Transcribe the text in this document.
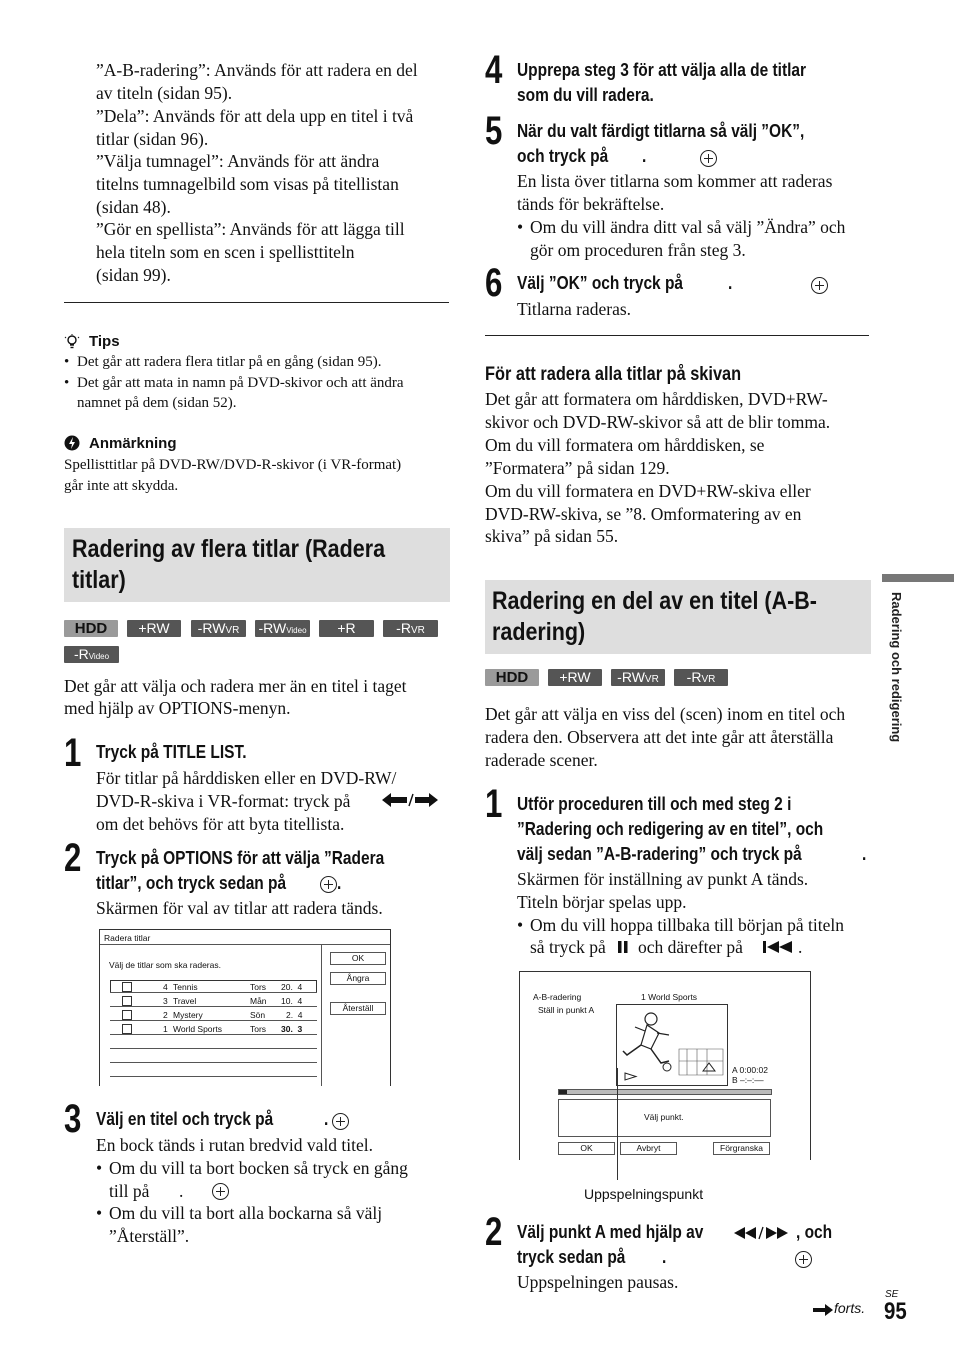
”A-B-radering”: Används för att radera en del
av titeln (sidan 95).
”Dela”: Används för att dela upp en titel i två
titlar (sidan 96).
”Välja tumnagel”: Används för att ändra
titelns tumnagelbild som visas på titellistan
(sidan 48).
”Gör en spellista”: Används för att lägga till
hela titeln som en scen i spellisttiteln
(sidan 99).
Tips
• Det går att radera flera titlar på en gång (sidan 95).
• Det går att mata in namn på DVD-skivor och att ändra
namnet på dem (sidan 52).
Anmärkning
Spellisttitlar på DVD-RW/DVD-R-skivor (i VR-format)
går inte att skydda.
Radering av flera titlar (Radera
titlar)
HDD	+RW	-RWVR	-RWVideo	+R	-RVR
-RVideo
Det går att välja och radera mer än en titel i taget
med hjälp av OPTIONS-menyn.
1 Tryck på TITLE LIST.
För titlar på hårddisken eller en DVD-RW/
DVD-R-skiva i VR-format: tryck på
om det behövs för att byta titellista.
2 Tryck på OPTIONS för att välja ”Radera
titlar”, och tryck sedan på
	.
Skärmen för val av titlar att radera tänds.
Radera titlar
Välj de titlar som ska raderas.
4 Tennis	Tors 20.  4
3 Travel	Mån 10.  4
2 Mystery	Sön 2.  4
1 World Sports	Tors 30.  3
OK
Ångra
Återställ
3 Välj en titel och tryck på
	.
En bock tänds i rutan bredvid vald titel.
• Om du vill ta bort bocken så tryck en gång
till på
.
• Om du vill ta bort alla bockarna så välj
”Återställ”.
4 Upprepa steg 3 för att välja alla de titlar
som du vill radera.
5 När du valt färdigt titlarna så välj ”OK”,
och tryck på
.
En lista över titlarna som kommer att raderas
tänds för bekräftelse.
• Om du vill ändra ditt val så välj ”Ändra” och
gör om proceduren från steg 3.
6 Välj ”OK” och tryck på
.
Titlarna raderas.
För att radera alla titlar på skivan
Det går att formatera om hårddisken, DVD+RW-
skivor och DVD-RW-skivor så att de blir tomma.
Om du vill formatera om hårddisken, se
”Formatera” på sidan 129.
Om du vill formatera en DVD+RW-skiva eller
DVD-RW-skiva, se ”8. Omformatering av en
skiva” på sidan 55.
Radering en del av en titel (A-B-
radering)
HDD	+RW	-RWVR	-RVR
Det går att välja en viss del (scen) inom en titel och
radera den. Observera att det inte går att återställa
raderade scener.
1 Utför proceduren till och med steg 2 i
”Radering och redigering av en titel”, och
välj sedan ”A-B-radering” och tryck på
	.
Skärmen för inställning av punkt A tänds.
Titeln börjar spelas upp.
• Om du vill hoppa tillbaka till början på titeln
så tryck på och därefter på	.
A-B-radering
Ställ in punkt A
1 World Sports
A 0:00:02
B –:–:––
Välj punkt.
OK	Avbryt	Förgranska
Uppspelningspunkt
2 Välj punkt A med hjälp av	, och
tryck sedan på .
Uppspelningen pausas.
Radering och redigering
forts.
SE
95
